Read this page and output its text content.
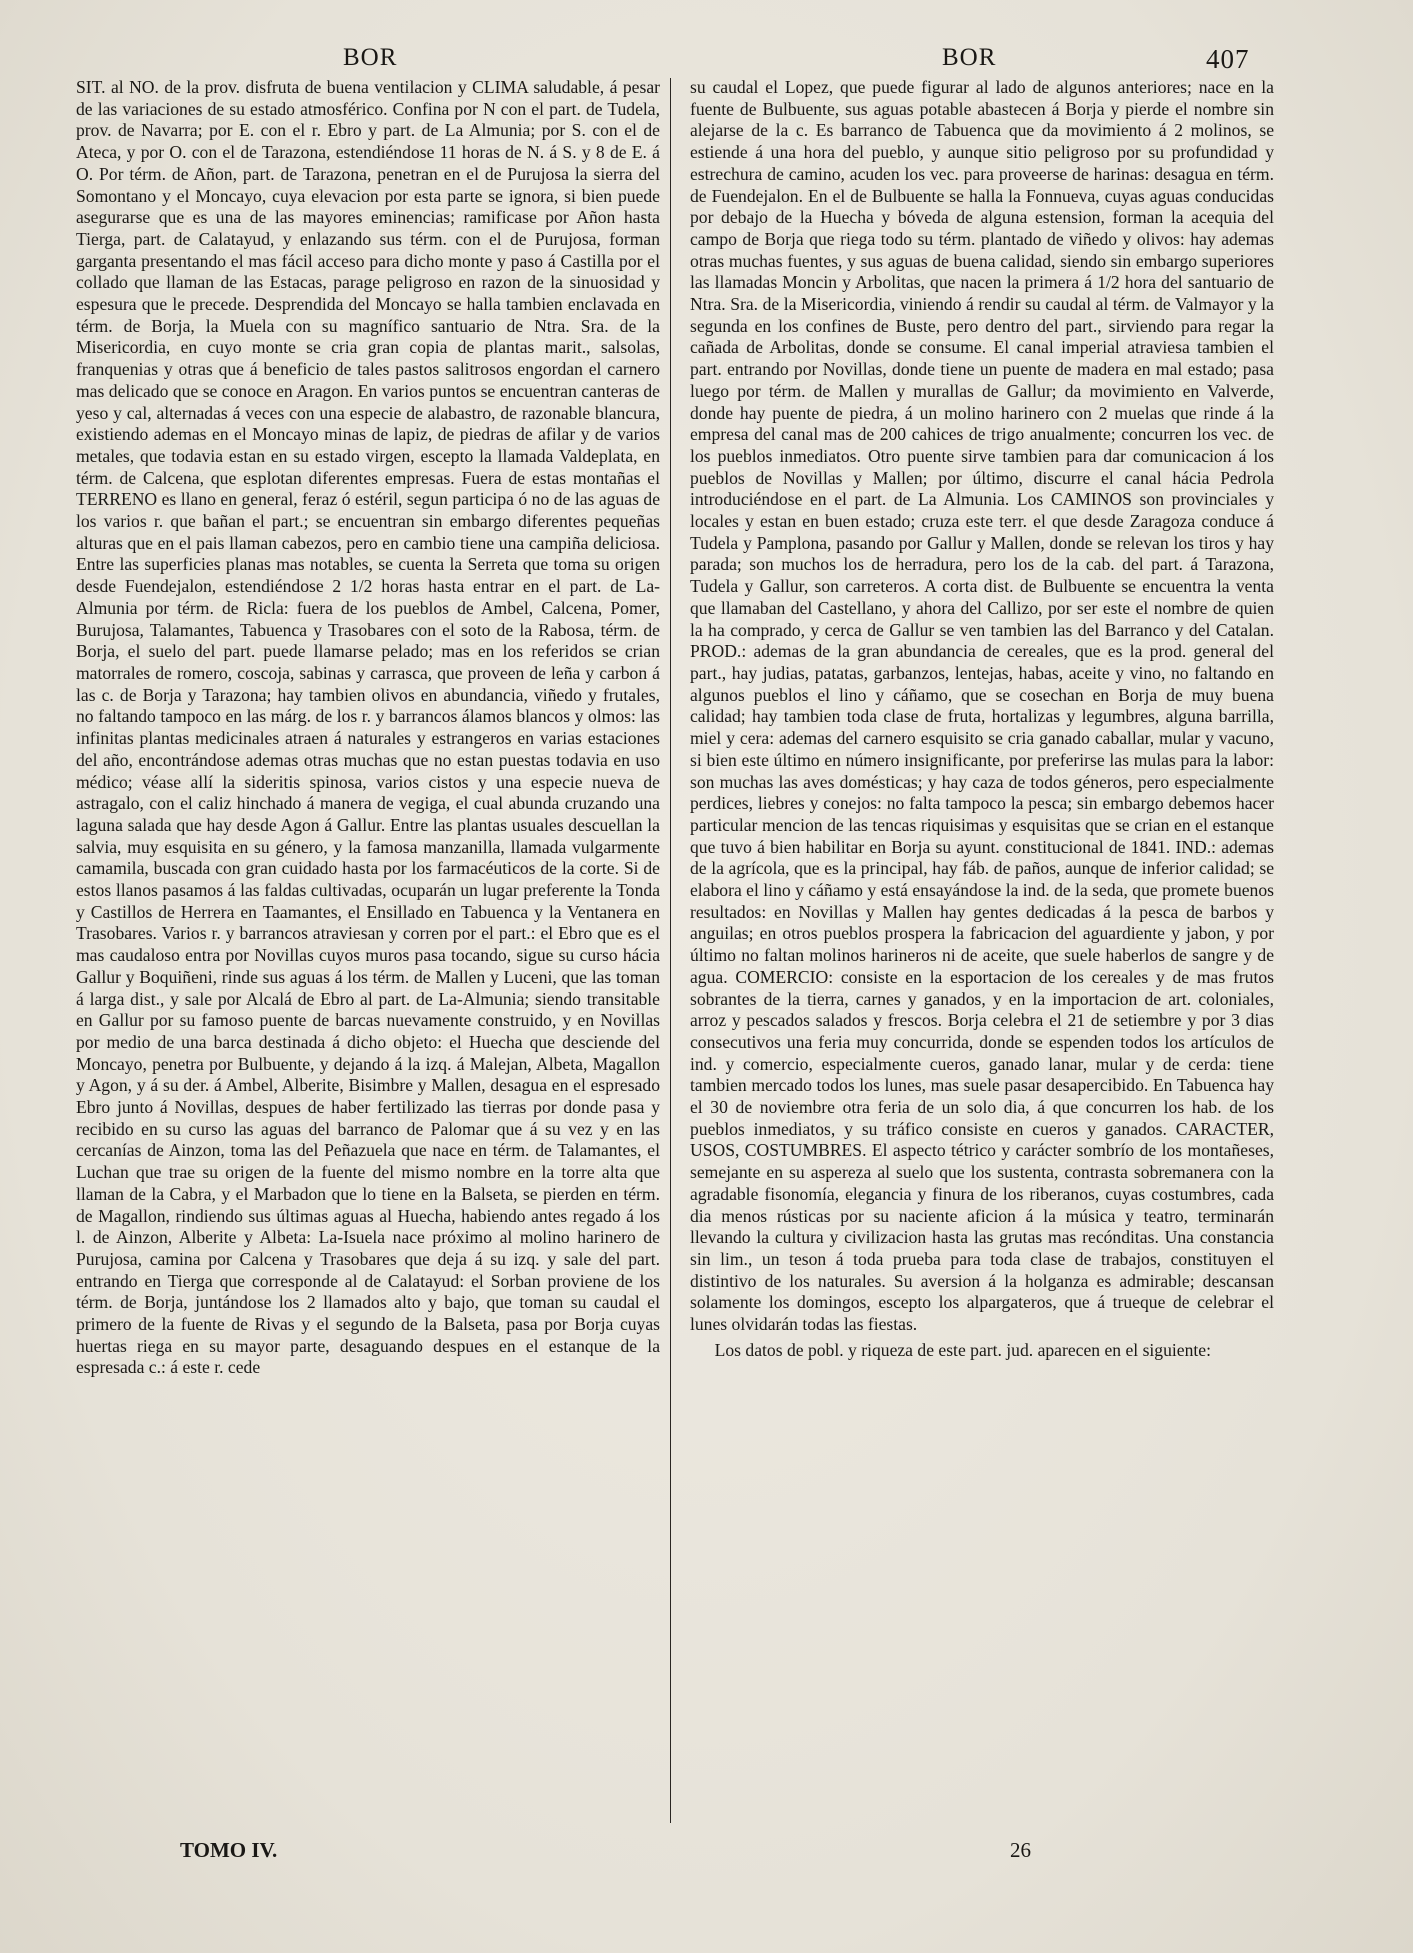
BOR	BOR	407

SIT. al NO. de la prov. disfruta de buena ventilacion y CLIMA saludable, á pesar de las variaciones de su estado atmosférico. Confina por N con el part. de Tudela, prov. de Navarra; por E. con el r. Ebro y part. de La Almunia; por S. con el de Ateca, y por O. con el de Tarazona, estendiéndose 11 horas de N. á S. y 8 de E. á O. Por térm. de Añon, part. de Tarazona, penetran en el de Purujosa la sierra del Somontano y el Moncayo, cuya elevacion por esta parte se ignora, si bien puede asegurarse que es una de las mayores eminencias; ramificase por Añon hasta Tierga, part. de Calatayud, y enlazando sus térm. con el de Purujosa, forman garganta presentando el mas fácil acceso para dicho monte y paso á Castilla por el collado que llaman de las Estacas, parage peligroso en razon de la sinuosidad y espesura que le precede. Desprendida del Moncayo se halla tambien enclavada en térm. de Borja, la Muela con su magnífico santuario de Ntra. Sra. de la Misericordia, en cuyo monte se cria gran copia de plantas marit., salsolas, franquenias y otras que á beneficio de tales pastos salitrosos engordan el carnero mas delicado que se conoce en Aragon. En varios puntos se encuentran canteras de yeso y cal, alternadas á veces con una especie de alabastro, de razonable blancura, existiendo ademas en el Moncayo minas de lapiz, de piedras de afilar y de varios metales, que todavia estan en su estado virgen, escepto la llamada Valdeplata, en térm. de Calcena, que esplotan diferentes empresas. Fuera de estas montañas el TERRENO es llano en general, feraz ó estéril, segun participa ó no de las aguas de los varios r. que bañan el part.; se encuentran sin embargo diferentes pequeñas alturas que en el pais llaman cabezos, pero en cambio tiene una campiña deliciosa. Entre las superficies planas mas notables, se cuenta la Serreta que toma su origen desde Fuendejalon, estendiéndose 2 1/2 horas hasta entrar en el part. de La-Almunia por térm. de Ricla: fuera de los pueblos de Ambel, Calcena, Pomer, Burujosa, Talamantes, Tabuenca y Trasobares con el soto de la Rabosa, térm. de Borja, el suelo del part. puede llamarse pelado; mas en los referidos se crian matorrales de romero, coscoja, sabinas y carrasca, que proveen de leña y carbon á las c. de Borja y Tarazona; hay tambien olivos en abundancia, viñedo y frutales, no faltando tampoco en las márg. de los r. y barrancos álamos blancos y olmos: las infinitas plantas medicinales atraen á naturales y estrangeros en varias estaciones del año, encontrándose ademas otras muchas que no estan puestas todavia en uso médico; véase allí la sideritis spinosa, varios cistos y una especie nueva de astragalo, con el caliz hinchado á manera de vegiga, el cual abunda cruzando una laguna salada que hay desde Agon á Gallur. Entre las plantas usuales descuellan la salvia, muy esquisita en su género, y la famosa manzanilla, llamada vulgarmente camamila, buscada con gran cuidado hasta por los farmacéuticos de la corte. Si de estos llanos pasamos á las faldas cultivadas, ocuparán un lugar preferente la Tonda y Castillos de Herrera en Taamantes, el Ensillado en Tabuenca y la Ventanera en Trasobares. Varios r. y barrancos atraviesan y corren por el part.: el Ebro que es el mas caudaloso entra por Novillas cuyos muros pasa tocando, sigue su curso hácia Gallur y Boquiñeni, rinde sus aguas á los térm. de Mallen y Luceni, que las toman á larga dist., y sale por Alcalá de Ebro al part. de La-Almunia; siendo transitable en Gallur por su famoso puente de barcas nuevamente construido, y en Novillas por medio de una barca destinada á dicho objeto: el Huecha que desciende del Moncayo, penetra por Bulbuente, y dejando á la izq. á Malejan, Albeta, Magallon y Agon, y á su der. á Ambel, Alberite, Bisimbre y Mallen, desagua en el espresado Ebro junto á Novillas, despues de haber fertilizado las tierras por donde pasa y recibido en su curso las aguas del barranco de Palomar que á su vez y en las cercanías de Ainzon, toma las del Peñazuela que nace en térm. de Talamantes, el Luchan que trae su origen de la fuente del mismo nombre en la torre alta que llaman de la Cabra, y el Marbadon que lo tiene en la Balseta, se pierden en térm. de Magallon, rindiendo sus últimas aguas al Huecha, habiendo antes regado á los l. de Ainzon, Alberite y Albeta: La-Isuela nace próximo al molino harinero de Purujosa, camina por Calcena y Trasobares que deja á su izq. y sale del part. entrando en Tierga que corresponde al de Calatayud: el Sorban proviene de los térm. de Borja, juntándose los 2 llamados alto y bajo, que toman su caudal el primero de la fuente de Rivas y el segundo de la Balseta, pasa por Borja cuyas huertas riega en su mayor parte, desaguando despues en el estanque de la espresada c.: á este r. cede

su caudal el Lopez, que puede figurar al lado de algunos anteriores; nace en la fuente de Bulbuente, sus aguas potable abastecen á Borja y pierde el nombre sin alejarse de la c. Es barranco de Tabuenca que da movimiento á 2 molinos, se estiende á una hora del pueblo, y aunque sitio peligroso por su profundidad y estrechura de camino, acuden los vec. para proveerse de harinas: desagua en térm. de Fuendejalon. En el de Bulbuente se halla la Fonnueva, cuyas aguas conducidas por debajo de la Huecha y bóveda de alguna estension, forman la acequia del campo de Borja que riega todo su térm. plantado de viñedo y olivos: hay ademas otras muchas fuentes, y sus aguas de buena calidad, siendo sin embargo superiores las llamadas Moncin y Arbolitas, que nacen la primera á 1/2 hora del santuario de Ntra. Sra. de la Misericordia, viniendo á rendir su caudal al térm. de Valmayor y la segunda en los confines de Buste, pero dentro del part., sirviendo para regar la cañada de Arbolitas, donde se consume. El canal imperial atraviesa tambien el part. entrando por Novillas, donde tiene un puente de madera en mal estado; pasa luego por térm. de Mallen y murallas de Gallur; da movimiento en Valverde, donde hay puente de piedra, á un molino harinero con 2 muelas que rinde á la empresa del canal mas de 200 cahices de trigo anualmente; concurren los vec. de los pueblos inmediatos. Otro puente sirve tambien para dar comunicacion á los pueblos de Novillas y Mallen; por último, discurre el canal hácia Pedrola introduciéndose en el part. de La Almunia. Los CAMINOS son provinciales y locales y estan en buen estado; cruza este terr. el que desde Zaragoza conduce á Tudela y Pamplona, pasando por Gallur y Mallen, donde se relevan los tiros y hay parada; son muchos los de herradura, pero los de la cab. del part. á Tarazona, Tudela y Gallur, son carreteros. A corta dist. de Bulbuente se encuentra la venta que llamaban del Castellano, y ahora del Callizo, por ser este el nombre de quien la ha comprado, y cerca de Gallur se ven tambien las del Barranco y del Catalan. PROD.: ademas de la gran abundancia de cereales, que es la prod. general del part., hay judias, patatas, garbanzos, lentejas, habas, aceite y vino, no faltando en algunos pueblos el lino y cáñamo, que se cosechan en Borja de muy buena calidad; hay tambien toda clase de fruta, hortalizas y legumbres, alguna barrilla, miel y cera: ademas del carnero esquisito se cria ganado caballar, mular y vacuno, si bien este último en número insignificante, por preferirse las mulas para la labor: son muchas las aves domésticas; y hay caza de todos géneros, pero especialmente perdices, liebres y conejos: no falta tampoco la pesca; sin embargo debemos hacer particular mencion de las tencas riquisimas y esquisitas que se crian en el estanque que tuvo á bien habilitar en Borja su ayunt. constitucional de 1841. IND.: ademas de la agrícola, que es la principal, hay fáb. de paños, aunque de inferior calidad; se elabora el lino y cáñamo y está ensayándose la ind. de la seda, que promete buenos resultados: en Novillas y Mallen hay gentes dedicadas á la pesca de barbos y anguilas; en otros pueblos prospera la fabricacion del aguardiente y jabon, y por último no faltan molinos harineros ni de aceite, que suele haberlos de sangre y de agua. COMERCIO: consiste en la esportacion de los cereales y de mas frutos sobrantes de la tierra, carnes y ganados, y en la importacion de art. coloniales, arroz y pescados salados y frescos. Borja celebra el 21 de setiembre y por 3 dias consecutivos una feria muy concurrida, donde se espenden todos los artículos de ind. y comercio, especialmente cueros, ganado lanar, mular y de cerda: tiene tambien mercado todos los lunes, mas suele pasar desapercibido. En Tabuenca hay el 30 de noviembre otra feria de un solo dia, á que concurren los hab. de los pueblos inmediatos, y su tráfico consiste en cueros y ganados. CARACTER, USOS, COSTUMBRES. El aspecto tétrico y carácter sombrío de los montañeses, semejante en su aspereza al suelo que los sustenta, contrasta sobremanera con la agradable fisonomía, elegancia y finura de los riberanos, cuyas costumbres, cada dia menos rústicas por su naciente aficion á la música y teatro, terminarán llevando la cultura y civilizacion hasta las grutas mas recónditas. Una constancia sin lim., un teson á toda prueba para toda clase de trabajos, constituyen el distintivo de los naturales. Su aversion á la holganza es admirable; descansan solamente los domingos, escepto los alpargateros, que á trueque de celebrar el lunes olvidarán todas las fiestas.

Los datos de pobl. y riqueza de este part. jud. aparecen en el siguiente:

TOMO IV.	26
